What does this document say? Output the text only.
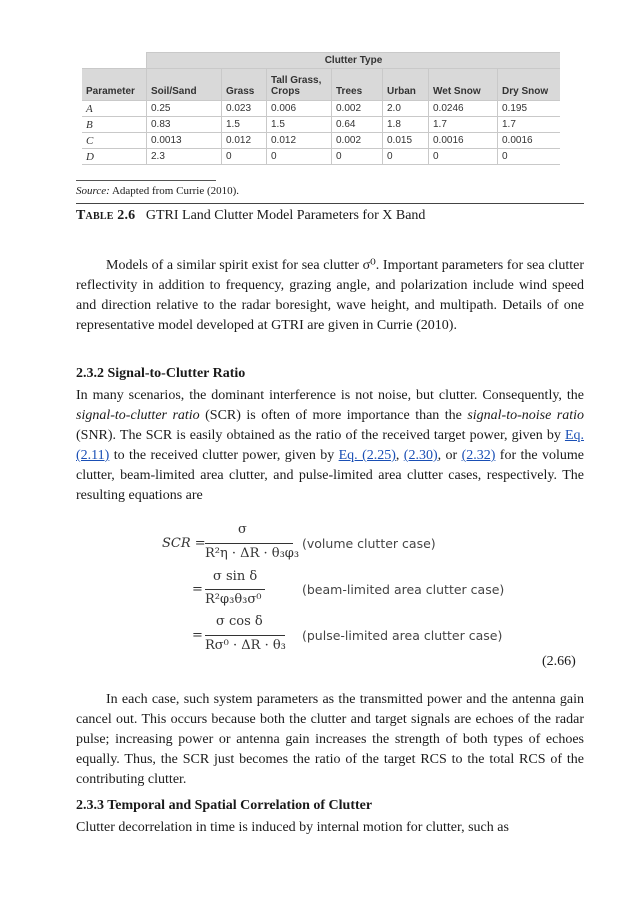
	Clutter Type						
Parameter	Soil/Sand	Grass	Tall Grass, Crops	Trees	Urban	Wet Snow	Dry Snow
A	0.25	0.023	0.006	0.002	2.0	0.0246	0.195
B	0.83	1.5	1.5	0.64	1.8	1.7	1.7
C	0.0013	0.012	0.012	0.002	0.015	0.0016	0.0016
D	2.3	0	0	0	0	0	0
Source: Adapted from Currie (2010).
Table 2.6 GTRI Land Clutter Model Parameters for X Band
Models of a similar spirit exist for sea clutter σ⁰. Important parameters for sea clutter reflectivity in addition to frequency, grazing angle, and polarization include wind speed and direction relative to the radar boresight, wave height, and multipath. Details of one representative model developed at GTRI are given in Currie (2010).
2.3.2 Signal-to-Clutter Ratio
In many scenarios, the dominant interference is not noise, but clutter. Consequently, the signal-to-clutter ratio (SCR) is often of more importance than the signal-to-noise ratio (SNR). The SCR is easily obtained as the ratio of the received target power, given by Eq. (2.11) to the received clutter power, given by Eq. (2.25), (2.30), or (2.32) for the volume clutter, beam-limited area clutter, and pulse-limited area clutter cases, respectively. The resulting equations are
SCR =
σ
R²η · ΔR · θ₃φ₃
(volume clutter case)
=
σ sin δ
R²φ₃θ₃σ⁰
(beam-limited area clutter case)
=
σ cos δ
Rσ⁰ · ΔR · θ₃
(pulse-limited area clutter case)
(2.66)
In each case, such system parameters as the transmitted power and the antenna gain cancel out. This occurs because both the clutter and target signals are echoes of the radar pulse; increasing power or antenna gain increases the strength of both types of echoes equally. Thus, the SCR just becomes the ratio of the target RCS to the total RCS of the contributing clutter.
2.3.3 Temporal and Spatial Correlation of Clutter
Clutter decorrelation in time is induced by internal motion for clutter, such as
